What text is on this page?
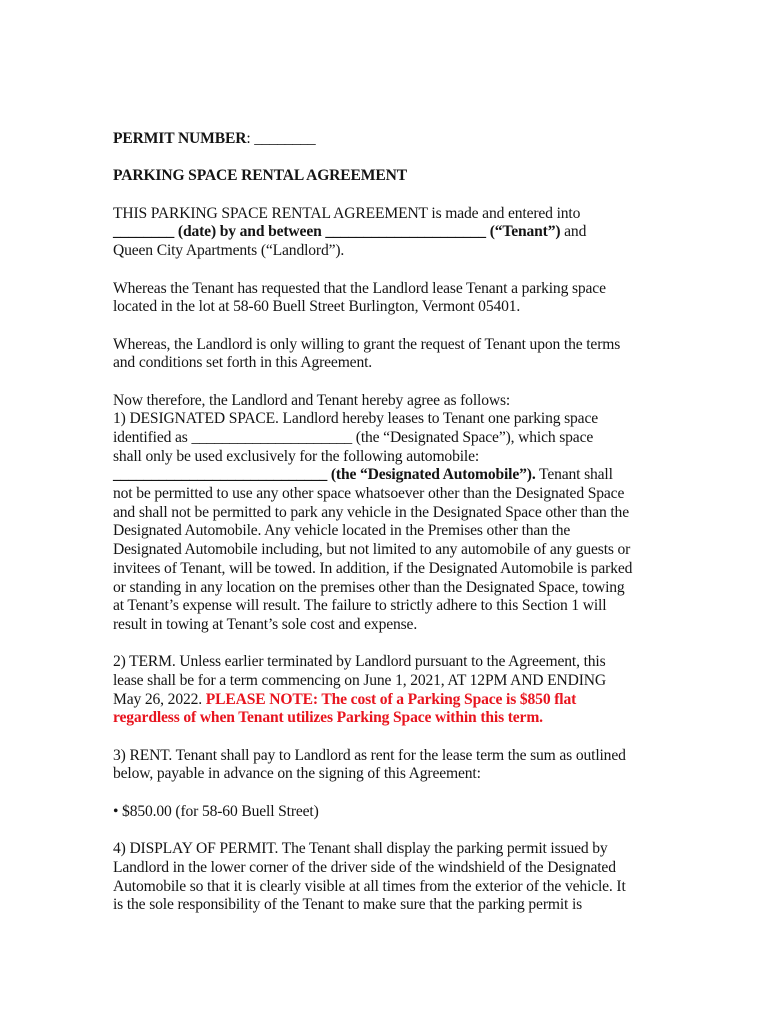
PERMIT NUMBER: ________
PARKING SPACE RENTAL AGREEMENT
THIS PARKING SPACE RENTAL AGREEMENT is made and entered into
________ (date) by and between _____________________ (“Tenant”) and
Queen City Apartments (“Landlord”).
Whereas the Tenant has requested that the Landlord lease Tenant a parking space
located in the lot at 58-60 Buell Street Burlington, Vermont 05401.
Whereas, the Landlord is only willing to grant the request of Tenant upon the terms
and conditions set forth in this Agreement.
Now therefore, the Landlord and Tenant hereby agree as follows:
1) DESIGNATED SPACE. Landlord hereby leases to Tenant one parking space
identified as _____________________ (the “Designated Space”), which space
shall only be used exclusively for the following automobile:
____________________________ (the “Designated Automobile”). Tenant shall
not be permitted to use any other space whatsoever other than the Designated Space
and shall not be permitted to park any vehicle in the Designated Space other than the
Designated Automobile. Any vehicle located in the Premises other than the
Designated Automobile including, but not limited to any automobile of any guests or
invitees of Tenant, will be towed. In addition, if the Designated Automobile is parked
or standing in any location on the premises other than the Designated Space, towing
at Tenant’s expense will result. The failure to strictly adhere to this Section 1 will
result in towing at Tenant’s sole cost and expense.
2) TERM. Unless earlier terminated by Landlord pursuant to the Agreement, this
lease shall be for a term commencing on June 1, 2021, AT 12PM AND ENDING
May 26, 2022. PLEASE NOTE: The cost of a Parking Space is $850 flat
regardless of when Tenant utilizes Parking Space within this term.
3) RENT. Tenant shall pay to Landlord as rent for the lease term the sum as outlined
below, payable in advance on the signing of this Agreement:
• $850.00 (for 58-60 Buell Street)
4) DISPLAY OF PERMIT. The Tenant shall display the parking permit issued by
Landlord in the lower corner of the driver side of the windshield of the Designated
Automobile so that it is clearly visible at all times from the exterior of the vehicle. It
is the sole responsibility of the Tenant to make sure that the parking permit is
